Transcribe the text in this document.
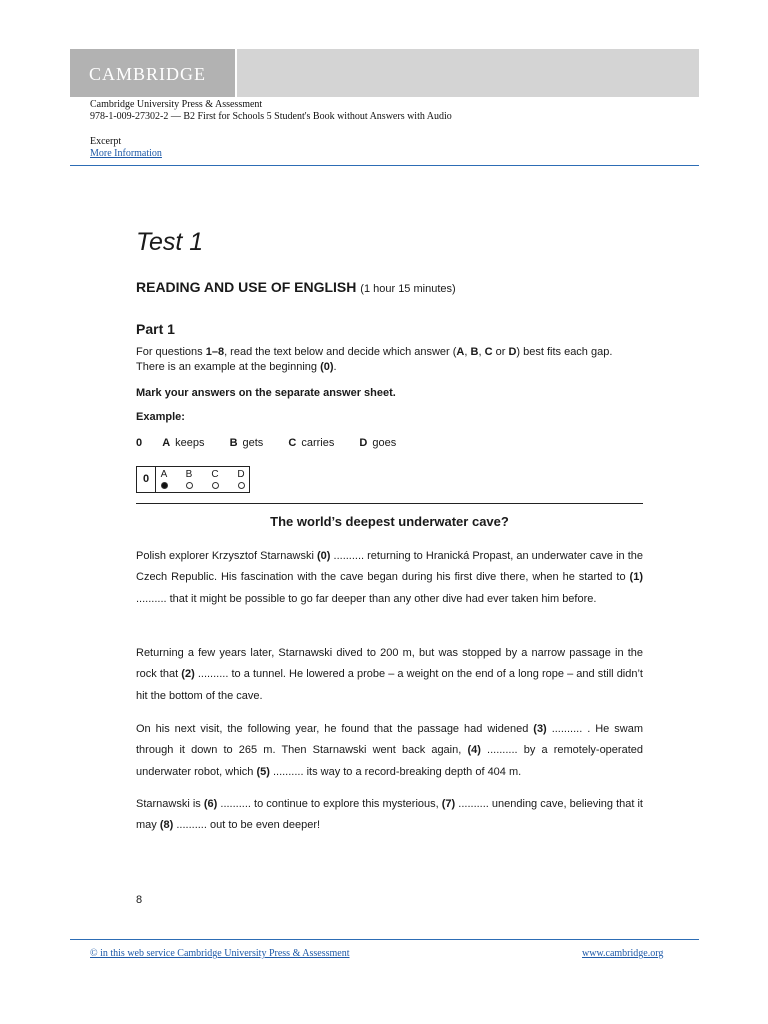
CAMBRIDGE
Cambridge University Press & Assessment
978-1-009-27302-2 — B2 First for Schools 5 Student's Book without Answers with Audio
Excerpt
More Information
Test 1
READING AND USE OF ENGLISH (1 hour 15 minutes)
Part 1
For questions 1–8, read the text below and decide which answer (A, B, C or D) best fits each gap.
There is an example at the beginning (0).
Mark your answers on the separate answer sheet.
Example:
0 A keeps B gets C carries D goes
0	A B C D
The world’s deepest underwater cave?
Polish explorer Krzysztof Starnawski (0) .......... returning to Hranická Propast, an underwater cave in the Czech Republic. His fascination with the cave began during his first dive there, when he started to (1) .......... that it might be possible to go far deeper than any other dive had ever taken him before.
Returning a few years later, Starnawski dived to 200 m, but was stopped by a narrow passage in the rock that (2) .......... to a tunnel. He lowered a probe – a weight on the end of a long rope – and still didn’t hit the bottom of the cave.
On his next visit, the following year, he found that the passage had widened (3) .......... . He swam through it down to 265 m. Then Starnawski went back again, (4) .......... by a remotely-operated underwater robot, which (5) .......... its way to a record-breaking depth of 404 m.
Starnawski is (6) .......... to continue to explore this mysterious, (7) .......... unending cave, believing that it may (8) .......... out to be even deeper!
8
© in this web service Cambridge University Press & Assessment	www.cambridge.org
